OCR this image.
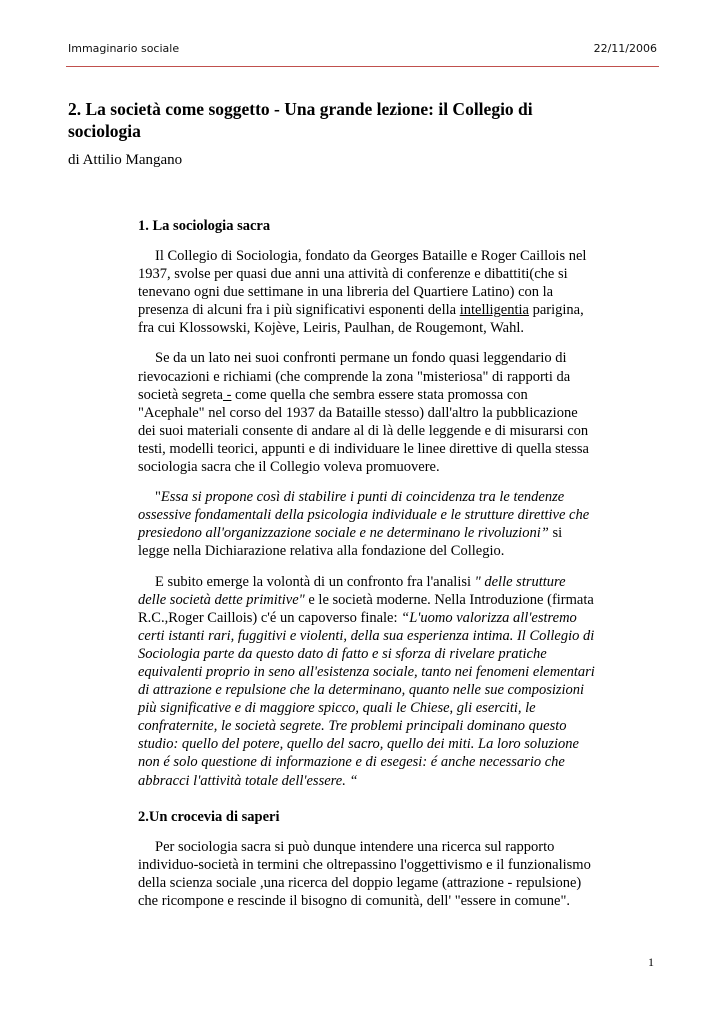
Immaginario sociale	22/11/2006
2. La società come soggetto - Una grande lezione: il Collegio di sociologia

di Attilio Mangano

1. La sociologia sacra

Il Collegio di Sociologia, fondato da Georges Bataille e Roger Caillois nel 1937, svolse per quasi due anni una attività di conferenze e dibattiti(che si tenevano ogni due settimane in una libreria del Quartiere Latino) con la presenza di alcuni fra i più significativi esponenti della intelligentia parigina, fra cui Klossowski, Kojève, Leiris, Paulhan, de Rougemont, Wahl.

Se da un lato nei suoi confronti permane un fondo quasi leggendario di rievocazioni e richiami (che comprende la zona "misteriosa" di rapporti da società segreta - come quella che sembra essere stata promossa con "Acephale" nel corso del 1937 da Bataille stesso) dall'altro la pubblicazione dei suoi materiali consente di andare al di là delle leggende e di misurarsi con testi, modelli teorici, appunti e di individuare le linee direttive di quella stessa sociologia sacra che il Collegio voleva promuovere.

"Essa si propone così di stabilire i punti di coincidenza tra le tendenze ossessive fondamentali della psicologia individuale e le strutture direttive che presiedono all'organizzazione sociale e ne determinano le rivoluzioni” si legge nella Dichiarazione relativa alla fondazione del Collegio.

E subito emerge la volontà di un confronto fra l'analisi " delle strutture delle società dette primitive" e le società moderne. Nella Introduzione (firmata R.C.,Roger Caillois) c'é un capoverso finale: “L'uomo valorizza all'estremo certi istanti rari, fuggitivi e violenti, della sua esperienza intima. Il Collegio di Sociologia parte da questo dato di fatto e si sforza di rivelare pratiche equivalenti proprio in seno all'esistenza sociale, tanto nei fenomeni elementari di attrazione e repulsione che la determinano, quanto nelle sue composizioni più significative e di maggiore spicco, quali le Chiese, gli eserciti, le confraternite, le società segrete. Tre problemi principali dominano questo studio: quello del potere, quello del sacro, quello dei miti. La loro soluzione non é solo questione di informazione e di esegesi: é anche necessario che abbracci l'attività totale dell'essere. “

2.Un crocevia di saperi

Per sociologia sacra si può dunque intendere una ricerca sul rapporto individuo-società in termini che oltrepassino l'oggettivismo e il funzionalismo della scienza sociale ,una ricerca del doppio legame (attrazione - repulsione) che ricompone e rescinde il bisogno di comunità, dell' "essere in comune".

1
